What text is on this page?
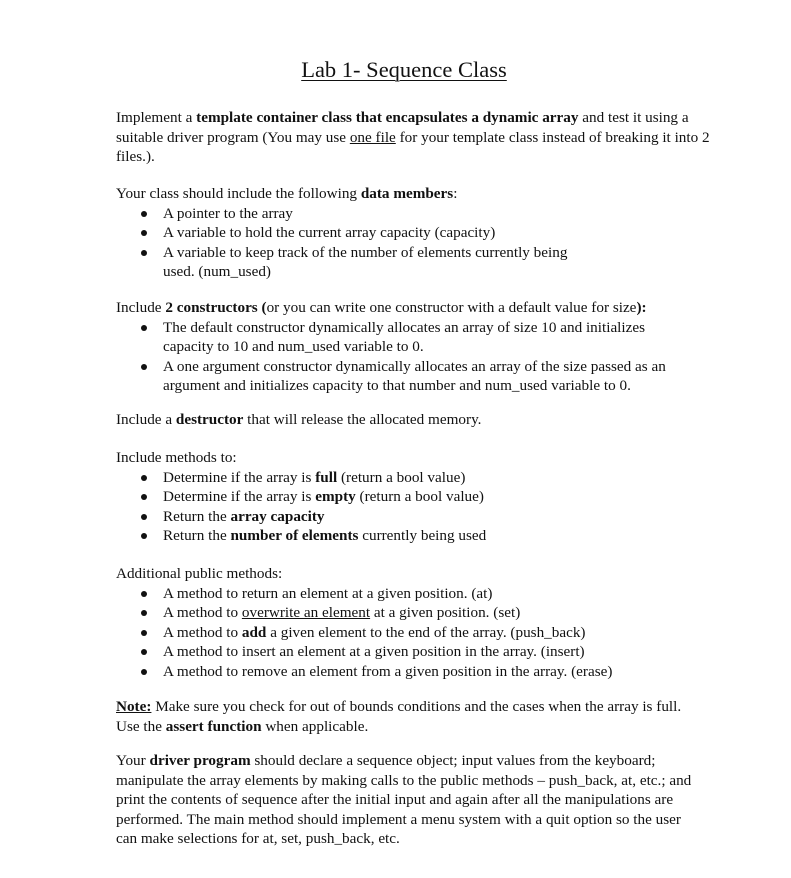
Lab 1- Sequence Class

Implement a template container class that encapsulates a dynamic array and test it using a suitable driver program (You may use one file for your template class instead of breaking it into 2 files.).

Your class should include the following data members:

A pointer to the array
A variable to hold the current array capacity (capacity)
A variable to keep track of the number of elements currently being used. (num_used)

Include 2 constructors (or you can write one constructor with a default value for size):

The default constructor dynamically allocates an array of size 10 and initializes capacity to 10 and num_used variable to 0.
A one argument constructor dynamically allocates an array of the size passed as an argument and initializes capacity to that number and num_used variable to 0.

Include a destructor that will release the allocated memory.

Include methods to:

Determine if the array is full (return a bool value)
Determine if the array is empty (return a bool value)
Return the array capacity
Return the number of elements currently being used

Additional public methods:

A method to return an element at a given position. (at)
A method to overwrite an element at a given position. (set)
A method to add a given element to the end of the array. (push_back)
A method to insert an element at a given position in the array. (insert)
A method to remove an element from a given position in the array. (erase)

Note: Make sure you check for out of bounds conditions and the cases when the array is full. Use the assert function when applicable.

Your driver program should declare a sequence object; input values from the keyboard; manipulate the array elements by making calls to the public methods – push_back, at, etc.; and print the contents of sequence after the initial input and again after all the manipulations are performed. The main method should implement a menu system with a quit option so the user can make selections for at, set, push_back, etc.
